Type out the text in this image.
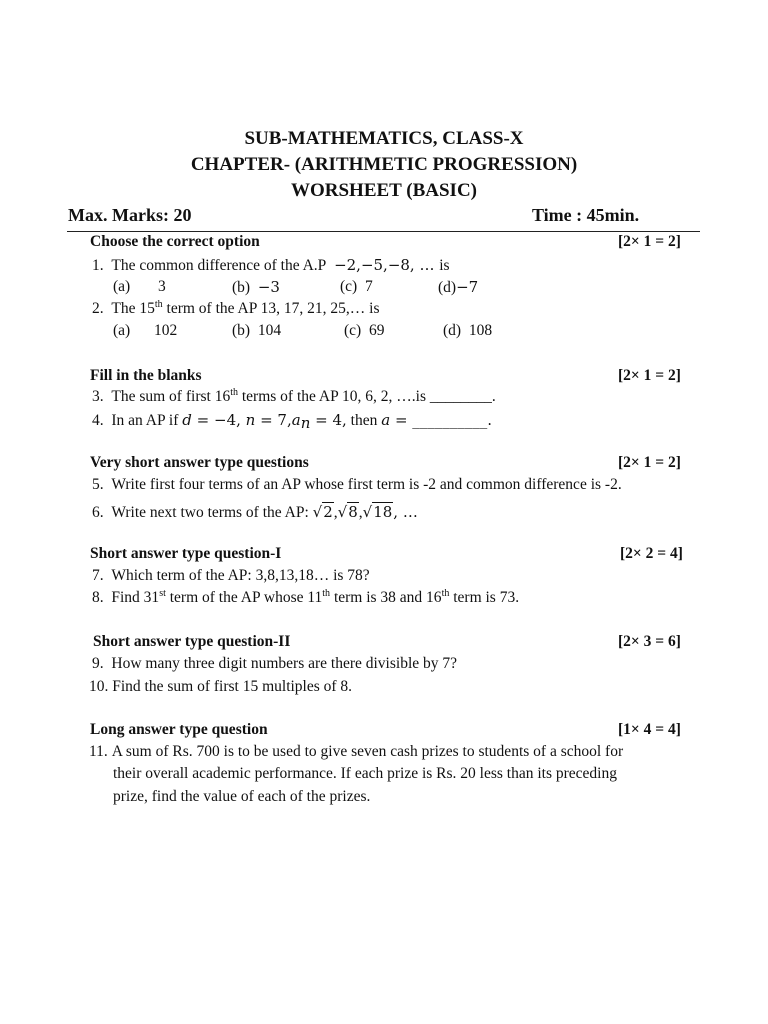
SUB-MATHEMATICS, CLASS-X
CHAPTER- (ARITHMETIC PROGRESSION)
WORSHEET (BASIC)
Max. Marks: 20	Time : 45min.
Choose the correct option	[2× 1 = 2]
1. The common difference of the A.P −2,−5,−8, … is
(a) 3	(b) −3	(c) 7	(d)−7
2. The 15th term of the AP 13, 17, 21, 25,… is
(a) 102	(b) 104	(c) 69	(d) 108
Fill in the blanks	[2× 1 = 2]
3. The sum of first 16th terms of the AP 10, 6, 2, ….is ________.
4. In an AP if d = −4, $n = 7,a_n = 4$, then a = __________.
Very short answer type questions	[2× 1 = 2]
5. Write first four terms of an AP whose first term is -2 and common difference is -2.
6. Write next two terms of the AP: √2,√8,√18, …
Short answer type question-I	[2× 2 = 4]
7. Which term of the AP: 3,8,13,18… is 78?
8. Find 31st term of the AP whose 11th term is 38 and 16th term is 73.
Short answer type question-II	[2× 3 = 6]
9. How many three digit numbers are there divisible by 7?
10. Find the sum of first 15 multiples of 8.
Long answer type question	[1× 4 = 4]
11. A sum of Rs. 700 is to be used to give seven cash prizes to students of a school for
their overall academic performance. If each prize is Rs. 20 less than its preceding
prize, find the value of each of the prizes.
